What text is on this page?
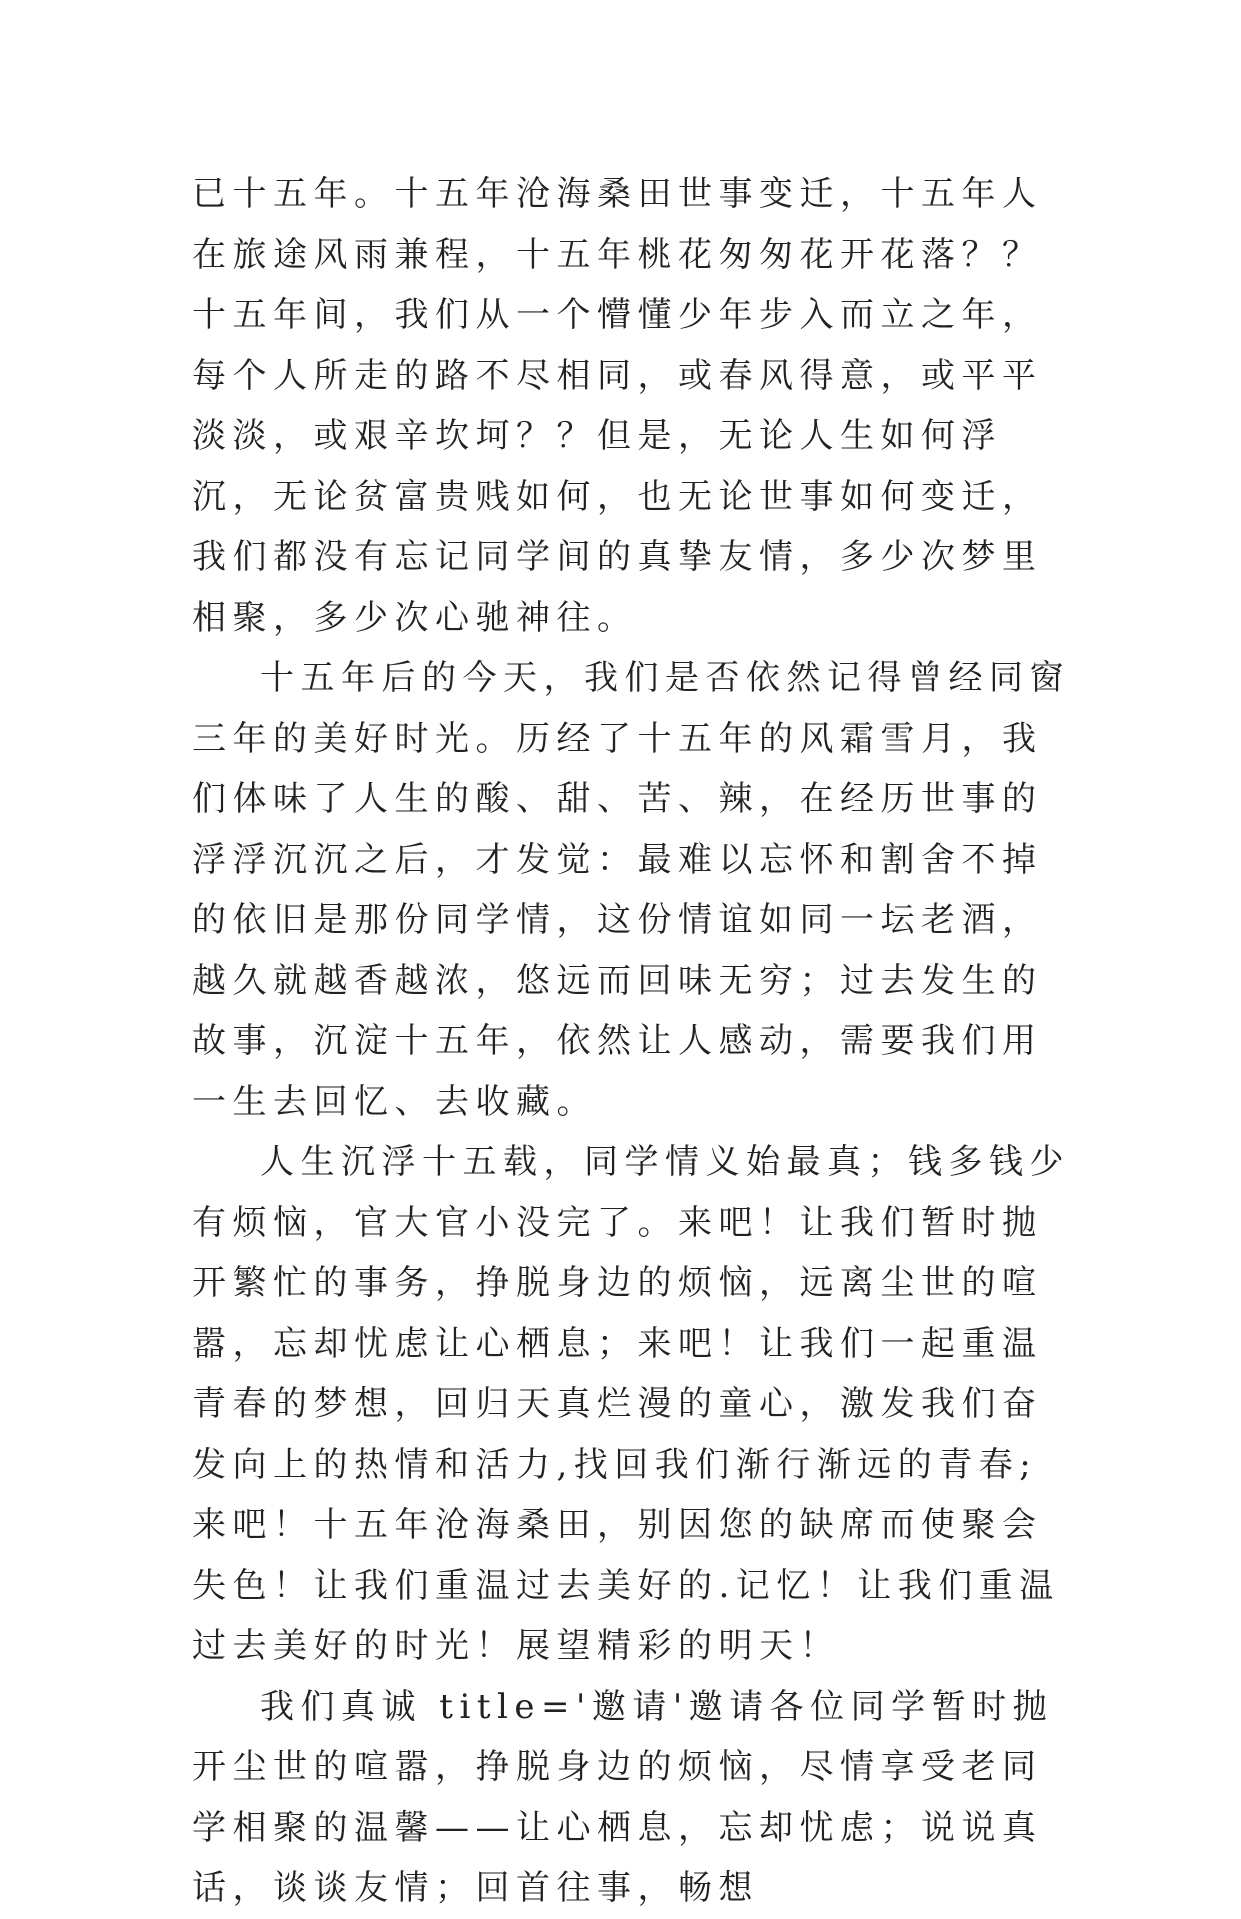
已十五年。十五年沧海桑田世事变迁，十五年人在旅途风雨兼程，十五年桃花匆匆花开花落？？十五年间，我们从一个懵懂少年步入而立之年，每个人所走的路不尽相同，或春风得意，或平平淡淡，或艰辛坎坷？？但是，无论人生如何浮沉，无论贫富贵贱如何，也无论世事如何变迁，我们都没有忘记同学间的真挚友情，多少次梦里相聚，多少次心驰神往。

十五年后的今天，我们是否依然记得曾经同窗三年的美好时光。历经了十五年的风霜雪月，我们体味了人生的酸、甜、苦、辣，在经历世事的浮浮沉沉之后，才发觉：最难以忘怀和割舍不掉的依旧是那份同学情，这份情谊如同一坛老酒，越久就越香越浓，悠远而回味无穷；过去发生的故事，沉淀十五年，依然让人感动，需要我们用一生去回忆、去收藏。

人生沉浮十五载，同学情义始最真；钱多钱少有烦恼，官大官小没完了。来吧！让我们暂时抛开繁忙的事务，挣脱身边的烦恼，远离尘世的喧嚣，忘却忧虑让心栖息；来吧！让我们一起重温青春的梦想，回归天真烂漫的童心，激发我们奋发向上的热情和活力,找回我们渐行渐远的青春;来吧！十五年沧海桑田，别因您的缺席而使聚会失色！让我们重温过去美好的.记忆！让我们重温过去美好的时光！展望精彩的明天！

我们真诚 title='邀请'邀请各位同学暂时抛开尘世的喧嚣，挣脱身边的烦恼，尽情享受老同学相聚的温馨——让心栖息，忘却忧虑；说说真话，谈谈友情；回首往事，畅想
